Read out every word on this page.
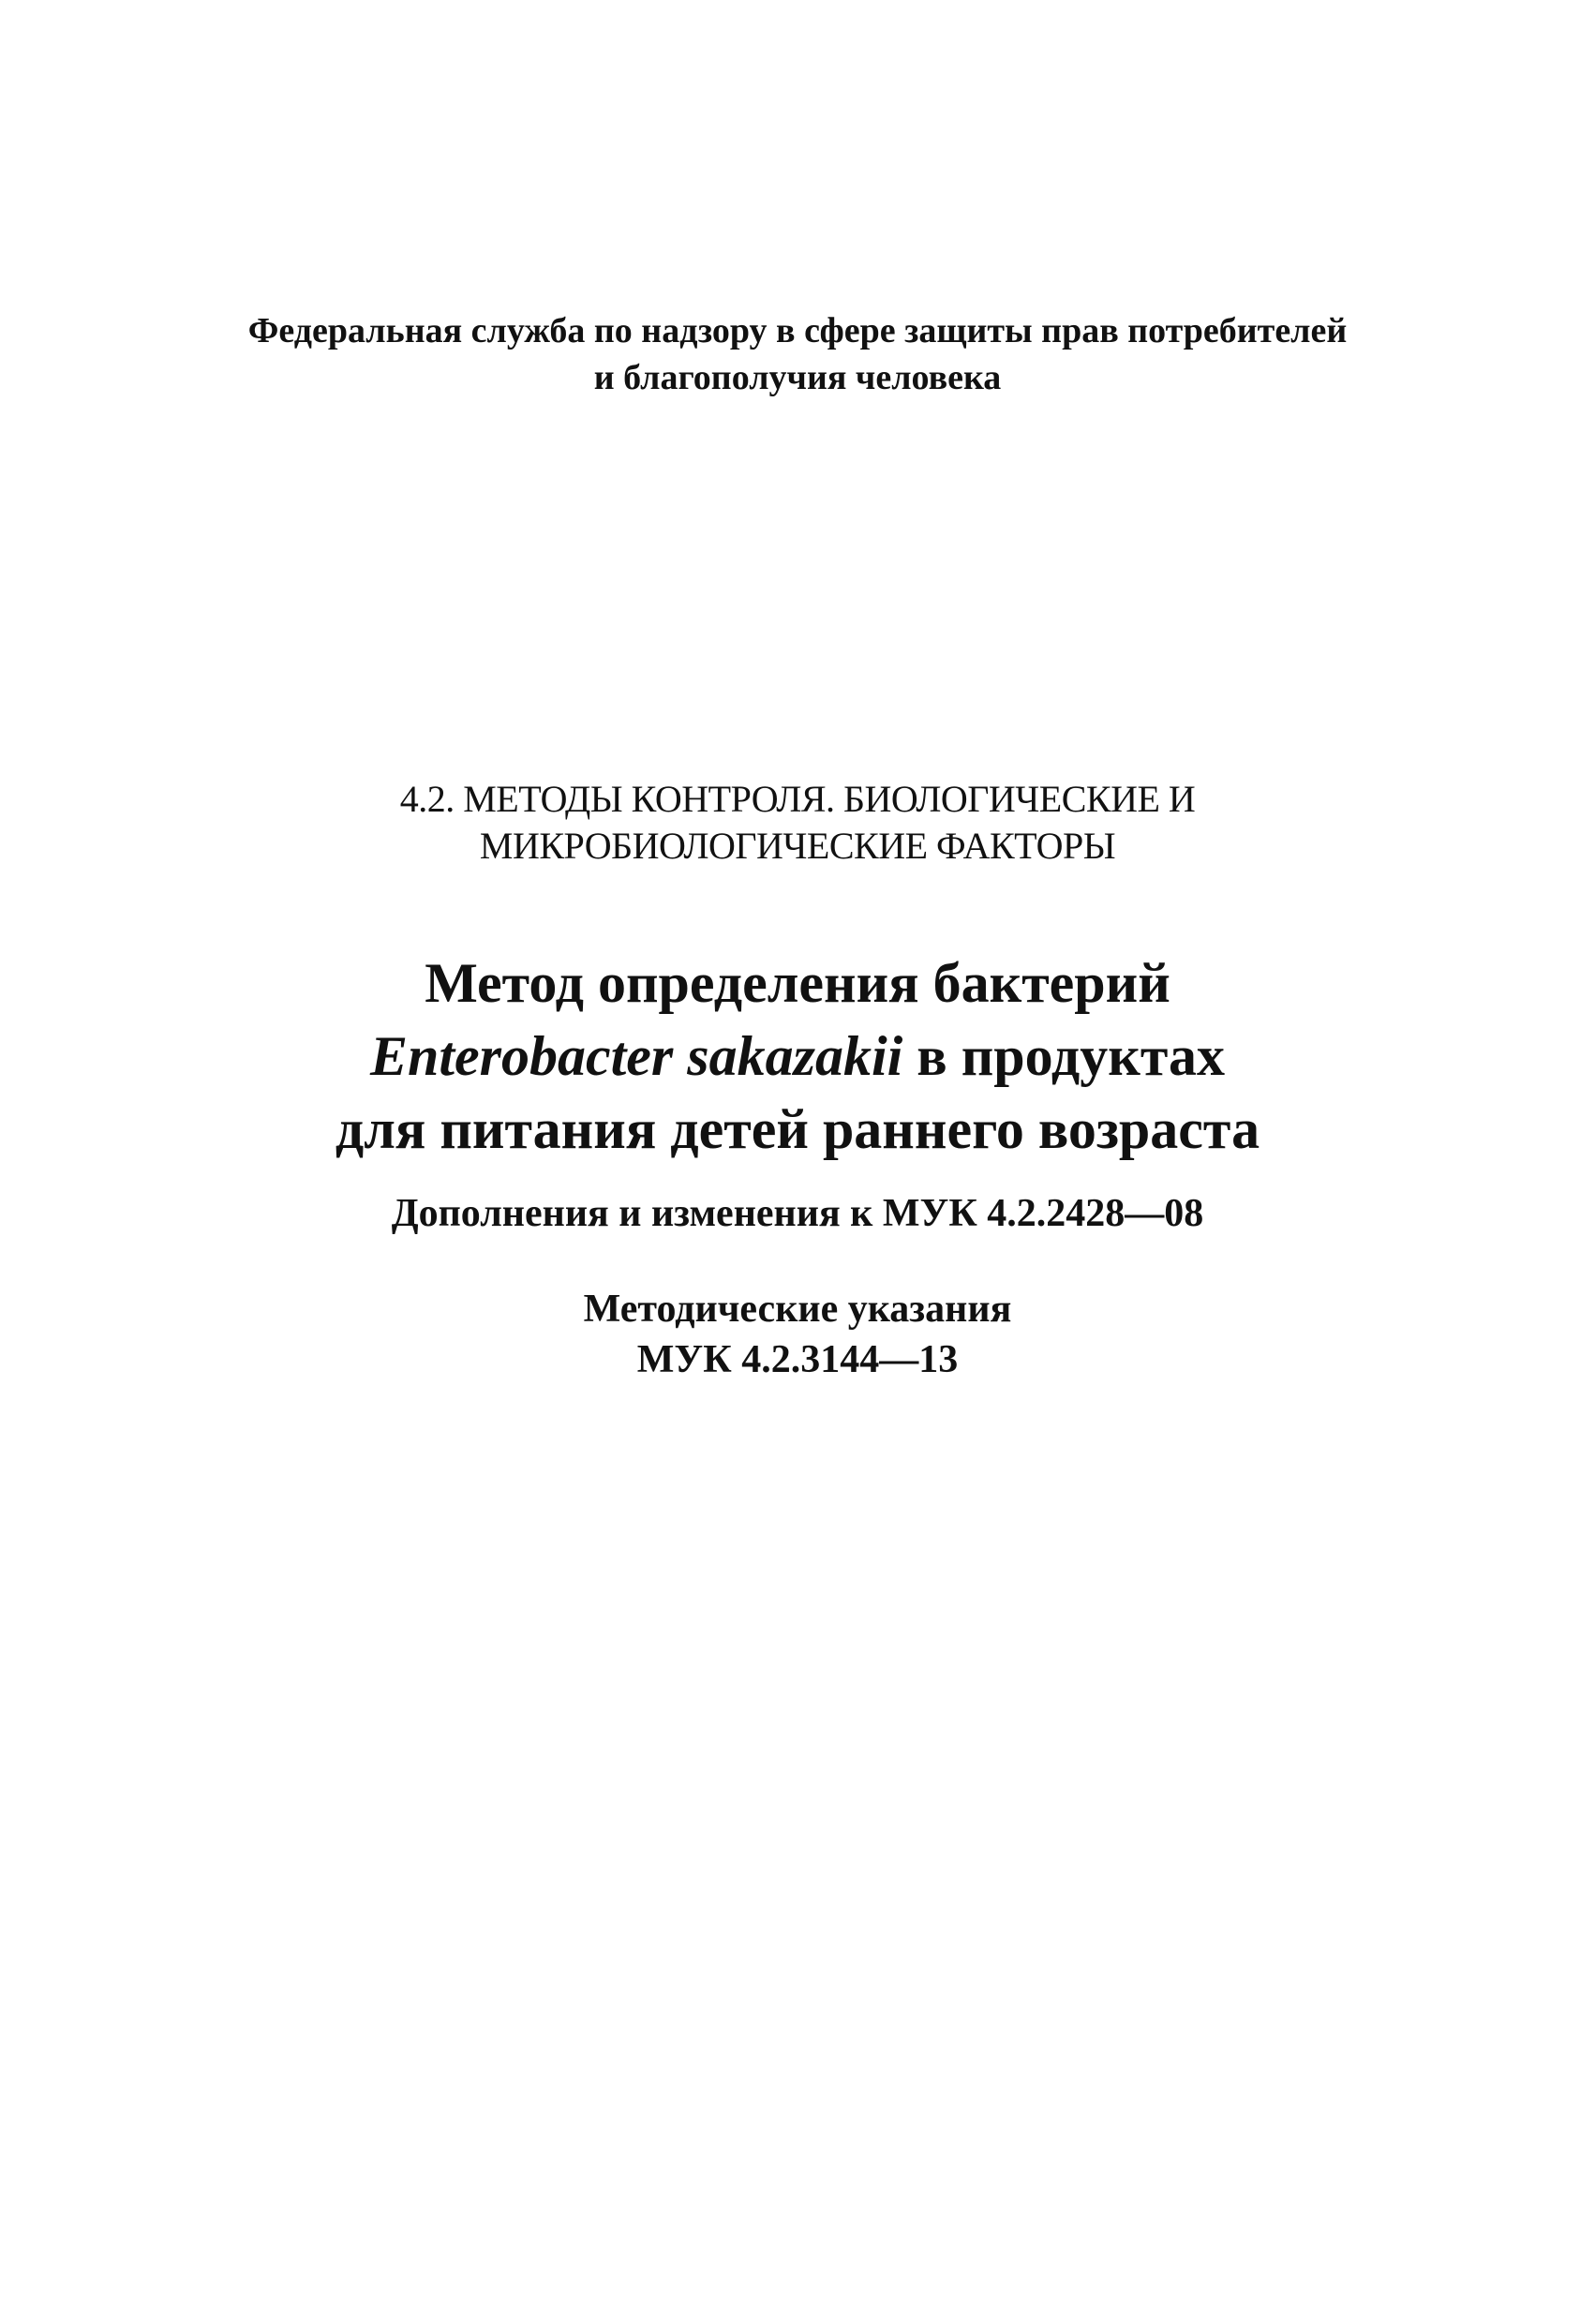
Федеральная служба по надзору в сфере защиты прав потребителей
и благополучия человека
4.2. МЕТОДЫ КОНТРОЛЯ. БИОЛОГИЧЕСКИЕ И
МИКРОБИОЛОГИЧЕСКИЕ ФАКТОРЫ
Метод определения бактерий
Enterobacter sakazakii в продуктах
для питания детей раннего возраста
Дополнения и изменения к МУК 4.2.2428—08
Методические указания
МУК 4.2.3144—13
